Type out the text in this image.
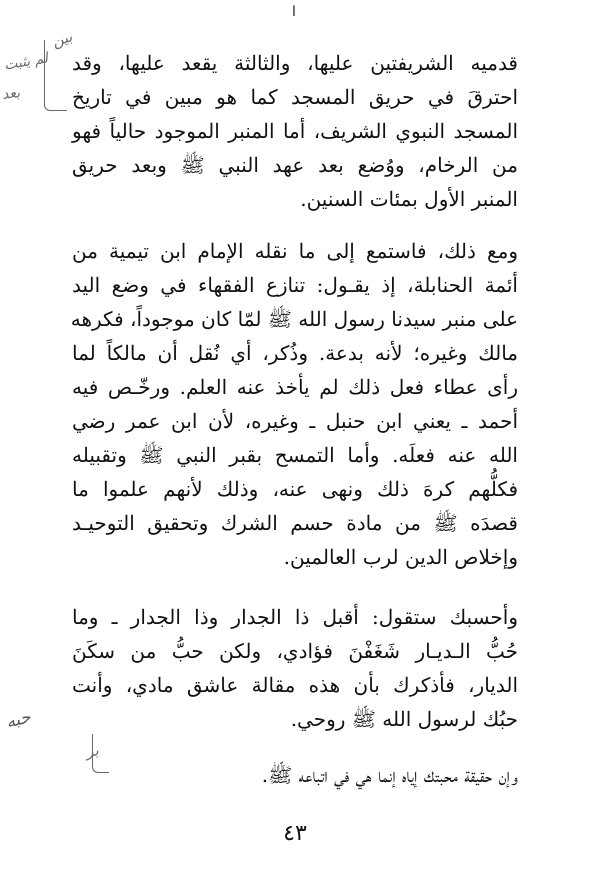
ا
بين
لم يثبت
بعد
قدميه الشريفتين عليها، والثالثة يقعد عليها، وقد
احترقَ في حريق المسجد كما هو مبين في تاريخ
المسجد النبوي الشريف، أما المنبر الموجود حالياً فهو
من الرخام، ووُضع بعد عهد النبي ﷺ وبعد حريق
المنبر الأول بمئات السنين.
ومع ذلك، فاستمع إلى ما نقله الإمام ابن تيمية من
أئمة الحنابلة، إذ يقـول: تنازع الفقهاء في وضع اليد
على منبر سيدنا رسول الله ﷺ لمّا كان موجوداً، فكرهه
مالك وغيره؛ لأنه بدعة. وذُكر، أي نُقل أن مالكاً لما
رأى عطاء فعل ذلك لم يأخذ عنه العلم. ورخّـص فيه
أحمد ـ يعني ابن حنبل ـ وغيره، لأن ابن عمر رضي
الله عنه فعلَه. وأما التمسح بقبر النبي ﷺ وتقبيله
فكلُّهم كرهَ ذلك ونهى عنه، وذلك لأنهم علموا ما
قصدَه ﷺ من مادة حسم الشرك وتحقيق التوحيـد
وإخلاص الدين لرب العالمين.
وأحسبك ستقول: أقبل ذا الجدار وذا الجدار ـ وما
حُبُّ الـديـار شَغَفْنَ فؤادي، ولكن حبُّ من سكَنَ
الديار، فأذكرك بأن هذه مقالة عاشق مادي، وأنت
حبُك لرسول الله ﷺ روحي.
وإن حقيقة محبتك إياه إنما هي في اتباعه ﷺ.
حبه
بر
٤٣
